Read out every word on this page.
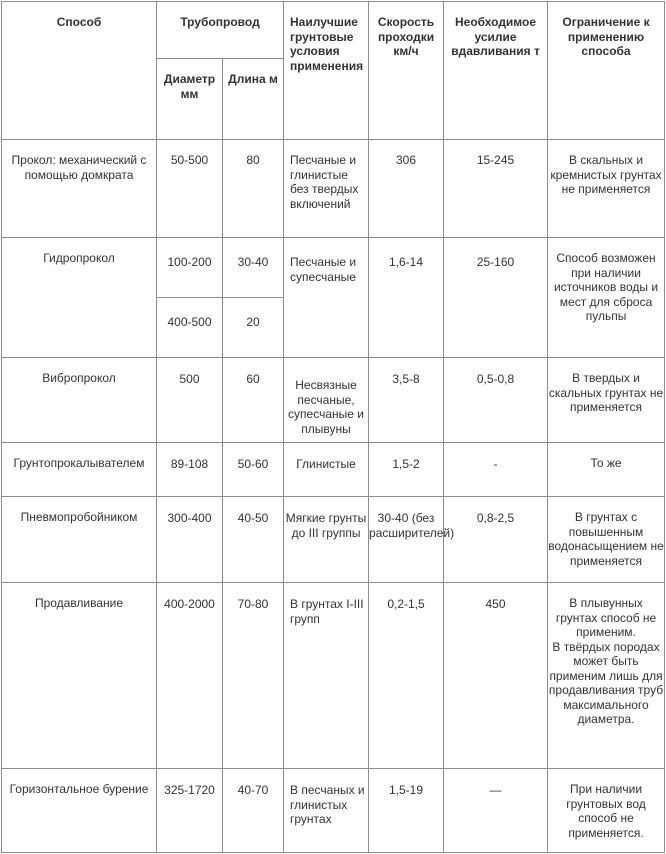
Способ	Трубопровод		Наилучшие грунтовые условия применения	Скорость проходки км/ч	Необходимое усилие вдавливания т	Ограничение к применению способа

	Диаметр мм	Длина м				

Прокол: механический с помощью домкрата	50-500	80	Песчаные и глинистые без твердых включений	306	15-245	В скальных и кремнистых грунтах не применяется
Гидропрокол	100-200	30-40	Песчаные и супесчаные	1,6-14	25-160	Способ возможен при наличии источников воды и мест для сброса пульпы
	400-500	20				
Вибропрокол	500	60	Несвязные песчаные, супесчаные и плывуны	3,5-8	0,5-0,8	В твердых и скальных грунтах не применяется
Грунтопрокалывателем	89-108	50-60	Глинистые	1,5-2	-	То же
Пневмопробойником	300-400	40-50	Мягкие грунты до III группы	30-40 (без расширителей)	0,8-2,5	В грунтах с повышенным водонасыщением не применяется
Продавливание	400-2000	70-80	В грунтах I-III групп	0,2-1,5	450	В плывунных грунтах способ не применим.
В твёрдых породах может быть применим лишь для продавливания труб максимального диаметра.

Горизонтальное бурение	325-1720	40-70	В песчаных и глинистых грунтах	1,5-19	—	При наличии грунтовых вод способ не применяется.
